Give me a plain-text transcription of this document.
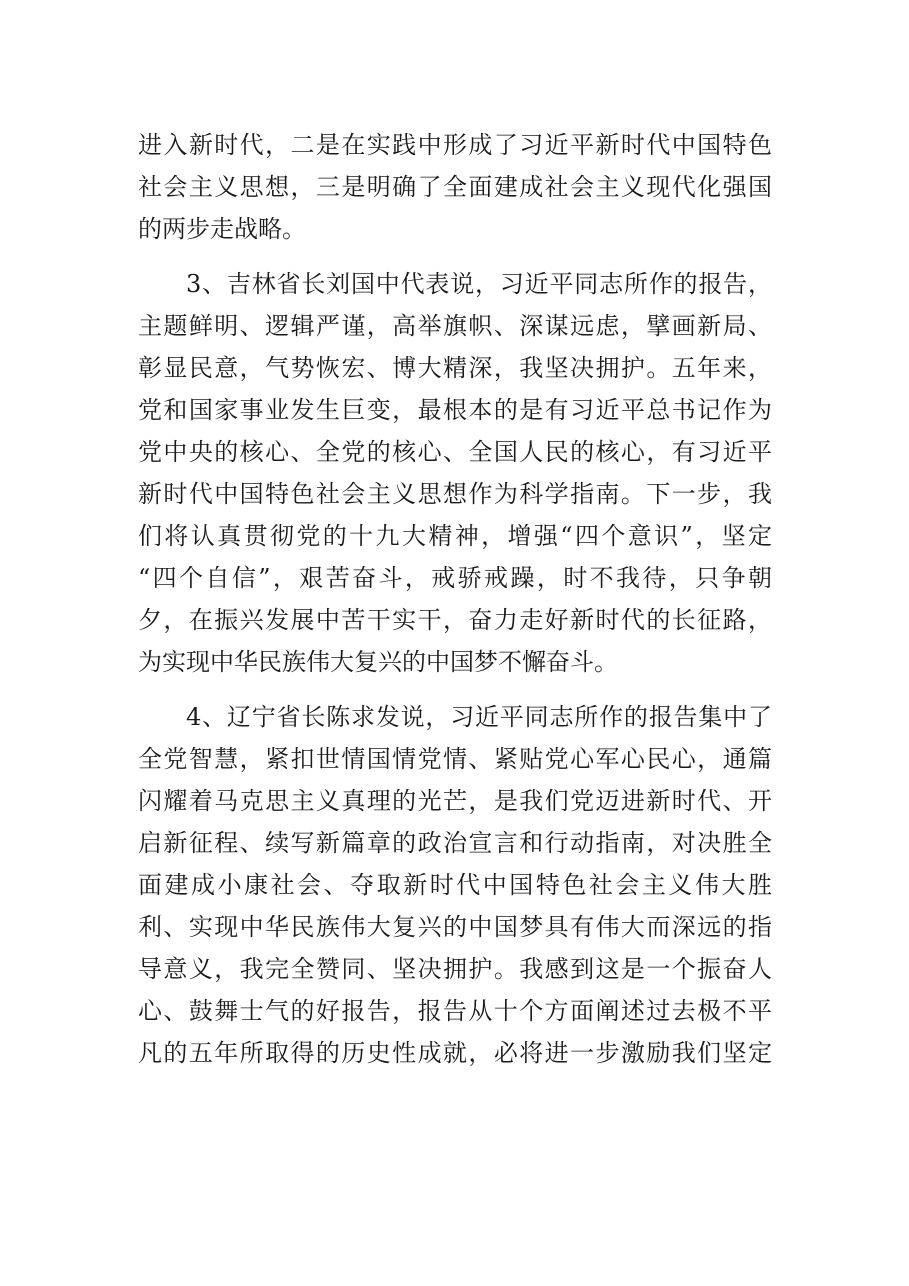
进入新时代，二是在实践中形成了习近平新时代中国特色

社会主义思想，三是明确了全面建成社会主义现代化强国

的两步走战略。

3、吉林省长刘国中代表说，习近平同志所作的报告，

主题鲜明、逻辑严谨，高举旗帜、深谋远虑，擘画新局、

彰显民意，气势恢宏、博大精深，我坚决拥护。五年来，

党和国家事业发生巨变，最根本的是有习近平总书记作为

党中央的核心、全党的核心、全国人民的核心，有习近平

新时代中国特色社会主义思想作为科学指南。下一步，我

们将认真贯彻党的十九大精神，增强“四个意识”，坚定

“四个自信”，艰苦奋斗，戒骄戒躁，时不我待，只争朝

夕，在振兴发展中苦干实干，奋力走好新时代的长征路，

为实现中华民族伟大复兴的中国梦不懈奋斗。

4、辽宁省长陈求发说，习近平同志所作的报告集中了

全党智慧，紧扣世情国情党情、紧贴党心军心民心，通篇

闪耀着马克思主义真理的光芒，是我们党迈进新时代、开

启新征程、续写新篇章的政治宣言和行动指南，对决胜全

面建成小康社会、夺取新时代中国特色社会主义伟大胜

利、实现中华民族伟大复兴的中国梦具有伟大而深远的指

导意义，我完全赞同、坚决拥护。我感到这是一个振奋人

心、鼓舞士气的好报告，报告从十个方面阐述过去极不平

凡的五年所取得的历史性成就，必将进一步激励我们坚定
